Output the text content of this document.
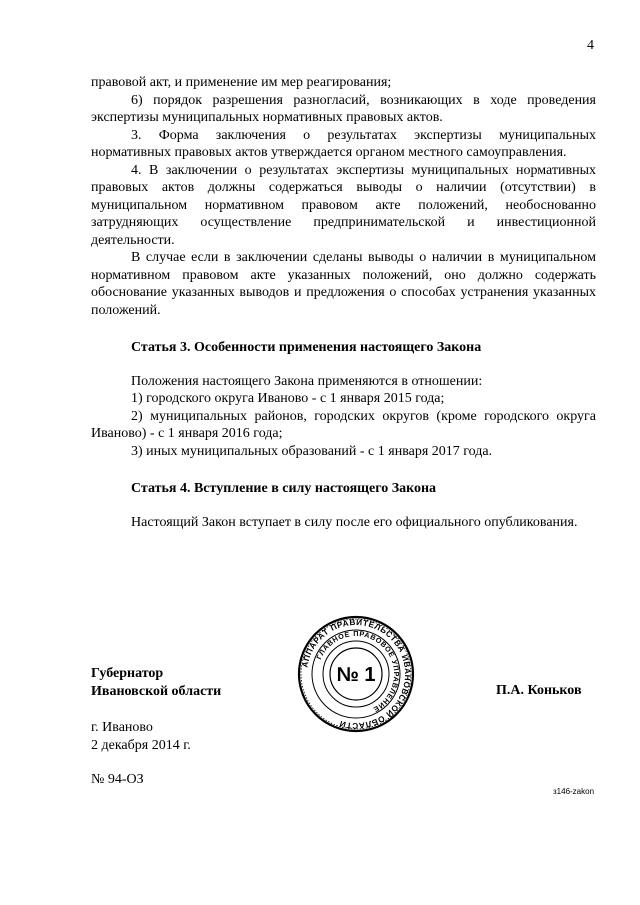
4

правовой акт, и применение им мер реагирования;

6) порядок разрешения разногласий, возникающих в ходе проведения экспертизы муниципальных нормативных правовых актов.

3. Форма заключения о результатах экспертизы муниципальных нормативных правовых актов утверждается органом местного самоуправления.

4. В заключении о результатах экспертизы муниципальных нормативных правовых актов должны содержаться выводы о наличии (отсутствии) в муниципальном нормативном правовом акте положений, необоснованно затрудняющих осуществление предпринимательской и инвестиционной деятельности.

В случае если в заключении сделаны выводы о наличии в муниципальном нормативном правовом акте указанных положений, оно должно содержать обоснование указанных выводов и предложения о способах устранения указанных положений.

Статья 3. Особенности применения настоящего Закона

Положения настоящего Закона применяются в отношении:

1) городского округа Иваново - с 1 января 2015 года;

2) муниципальных районов, городских округов (кроме городского округа Иваново) - с 1 января 2016 года;

3) иных муниципальных образований - с 1 января 2017 года.

Статья 4. Вступление в силу настоящего Закона

Настоящий Закон вступает в силу после его официального опубликования.

Губернатор
Ивановской области	П.А. Коньков
АППАРАТ ПРАВИТЕЛЬСТВА ИВАНОВСКОЙ ОБЛАСТИ
ГЛАВНОЕ ПРАВОВОЕ УПРАВЛЕНИЕ
№ 1
г. Иваново
2 декабря 2014 г.
№ 94-ОЗ
з146-zakon
